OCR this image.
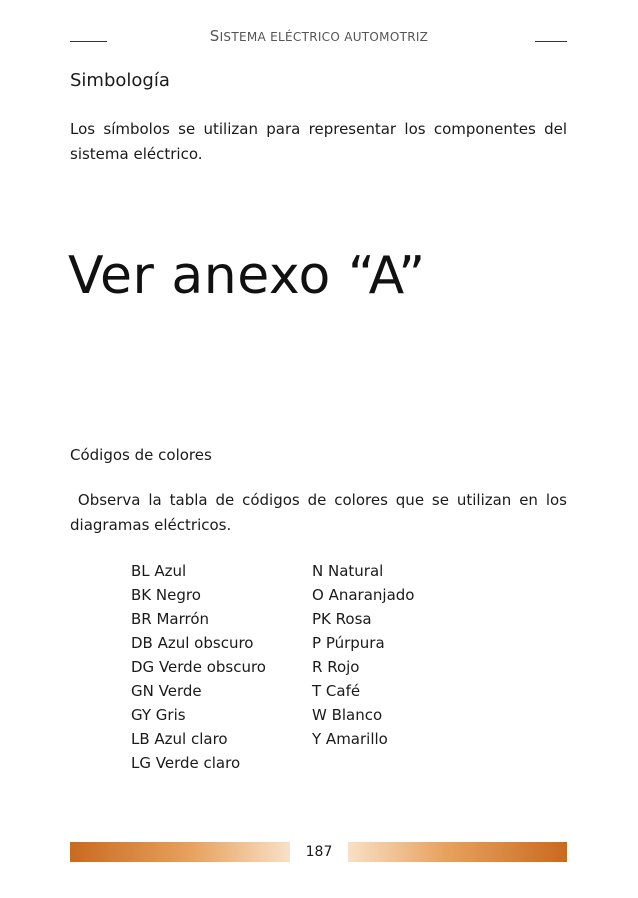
SISTEMA ELÉCTRICO AUTOMOTRIZ
Simbología
Los símbolos se utilizan para representar los componentes del sistema eléctrico.
Ver anexo “A”
Códigos de colores
Observa la tabla de códigos de colores que se utilizan en los diagramas eléctricos.
BL Azul
BK Negro
BR Marrón
DB Azul obscuro
DG Verde obscuro
GN Verde
GY Gris
LB Azul claro
LG Verde claro
N Natural
O Anaranjado
PK Rosa
P Púrpura
R Rojo
T Café
W Blanco
Y Amarillo
187
